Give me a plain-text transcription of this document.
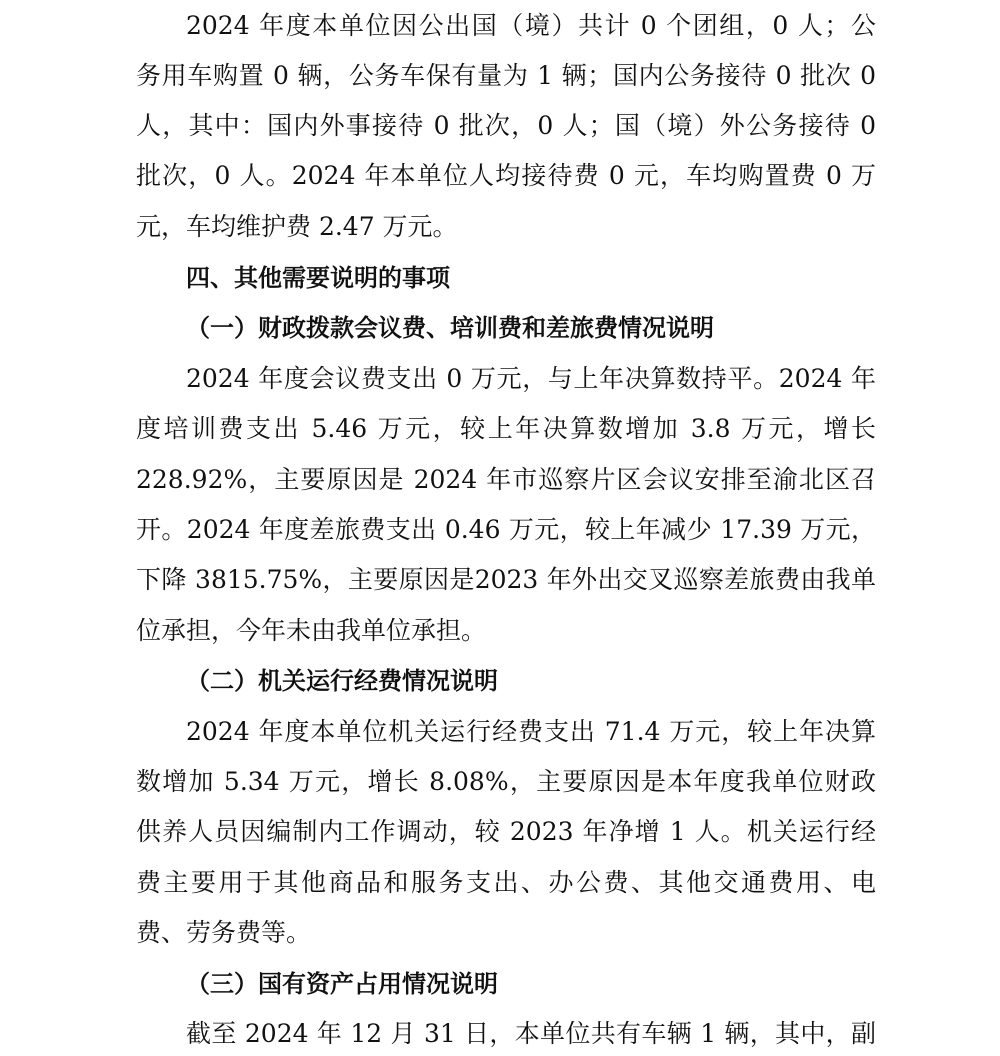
2024 年度本单位因公出国（境）共计 0 个团组，0 人；公
务用车购置 0 辆，公务车保有量为 1 辆；国内公务接待 0 批次 0
人，其中：国内外事接待 0 批次，0 人；国（境）外公务接待 0
批次，0 人。2024 年本单位人均接待费 0 元，车均购置费 0 万
元，车均维护费 2.47 万元。
四、其他需要说明的事项
（一）财政拨款会议费、培训费和差旅费情况说明
2024 年度会议费支出 0 万元，与上年决算数持平。2024 年
度培训费支出 5.46 万元，较上年决算数增加 3.8 万元，增长
228.92%，主要原因是 2024 年市巡察片区会议安排至渝北区召
开。2024 年度差旅费支出 0.46 万元，较上年减少 17.39 万元，
下降 3815.75%，主要原因是2023 年外出交叉巡察差旅费由我单
位承担，今年未由我单位承担。
（二）机关运行经费情况说明
2024 年度本单位机关运行经费支出 71.4 万元，较上年决算
数增加 5.34 万元，增长 8.08%，主要原因是本年度我单位财政
供养人员因编制内工作调动，较 2023 年净增 1 人。机关运行经
费主要用于其他商品和服务支出、办公费、其他交通费用、电
费、劳务费等。
（三）国有资产占用情况说明
截至 2024 年 12 月 31 日，本单位共有车辆 1 辆，其中，副
